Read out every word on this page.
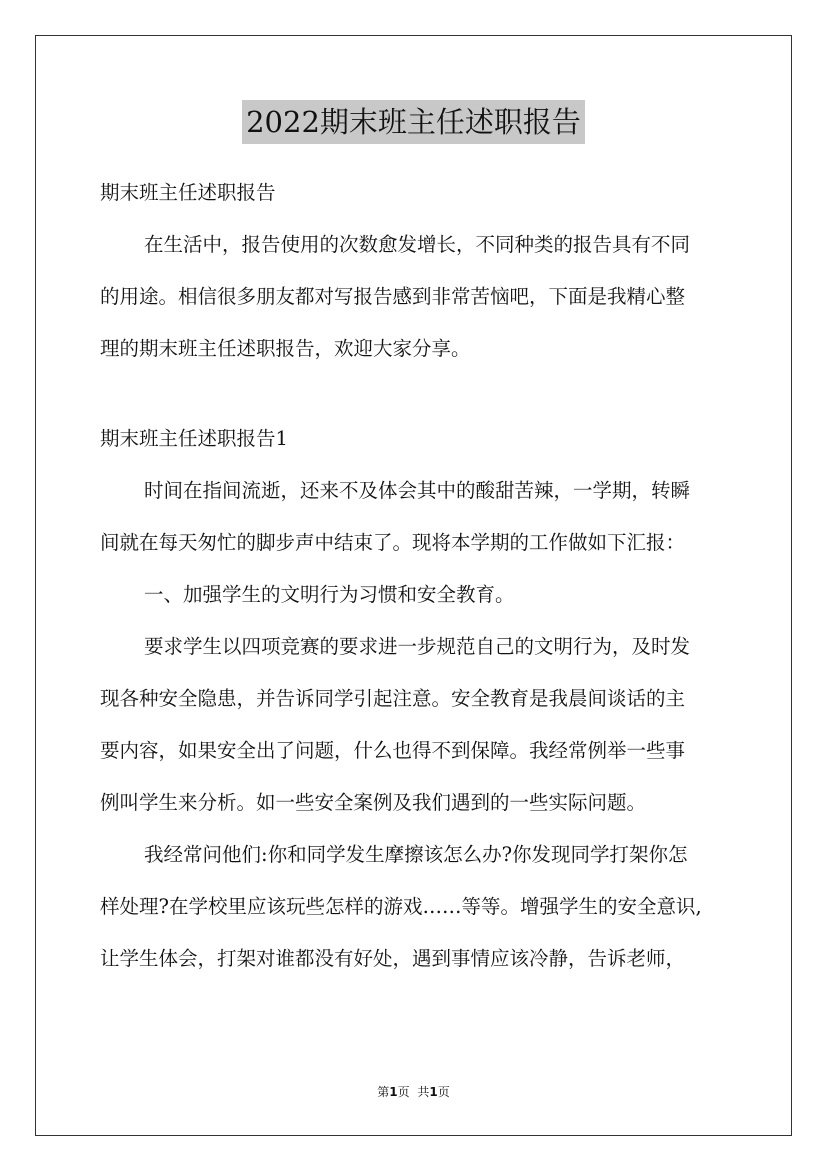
2022期末班主任述职报告
期末班主任述职报告
在生活中，报告使用的次数愈发增长，不同种类的报告具有不同
的用途。相信很多朋友都对写报告感到非常苦恼吧，下面是我精心整
理的期末班主任述职报告，欢迎大家分享。
期末班主任述职报告1
时间在指间流逝，还来不及体会其中的酸甜苦辣，一学期，转瞬
间就在每天匆忙的脚步声中结束了。现将本学期的工作做如下汇报：
一、加强学生的文明行为习惯和安全教育。
要求学生以四项竞赛的要求进一步规范自己的文明行为，及时发
现各种安全隐患，并告诉同学引起注意。安全教育是我晨间谈话的主
要内容，如果安全出了问题，什么也得不到保障。我经常例举一些事
例叫学生来分析。如一些安全案例及我们遇到的一些实际问题。
我经常问他们:你和同学发生摩擦该怎么办?你发现同学打架你怎
样处理?在学校里应该玩些怎样的游戏……等等。增强学生的安全意识,
让学生体会，打架对谁都没有好处，遇到事情应该冷静，告诉老师，
第1页 共1页
